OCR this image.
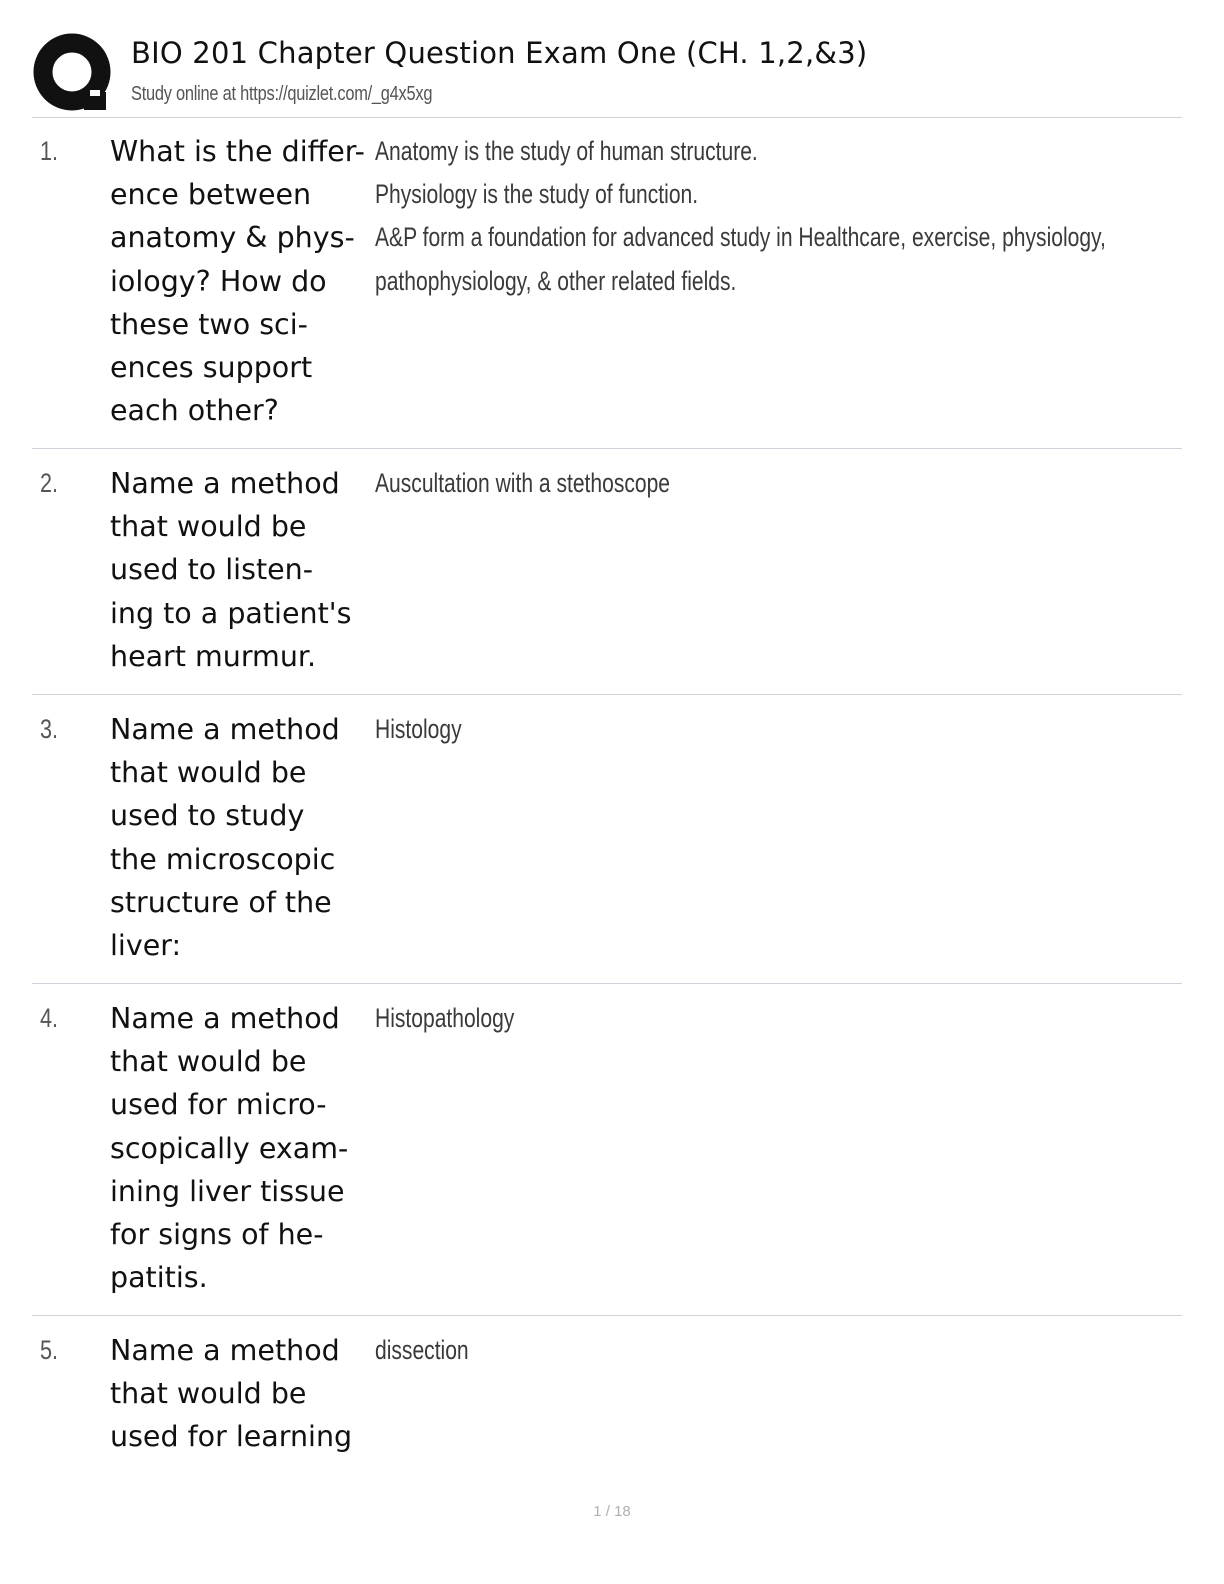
BIO 201 Chapter Question Exam One (CH. 1,2,&3)
Study online at https://quizlet.com/_g4x5xg
1. What is the differ-
ence between
anatomy & phys-
iology? How do
these two sci-
ences support
each other?
Anatomy is the study of human structure.
Physiology is the study of function.
A&P form a foundation for advanced study in Healthcare, exercise, physiology,
pathophysiology, & other related fields.
2. Name a method
that would be
used to listen-
ing to a patient's
heart murmur.
Auscultation with a stethoscope
3. Name a method
that would be
used to study
the microscopic
structure of the
liver:
Histology
4. Name a method
that would be
used for micro-
scopically exam-
ining liver tissue
for signs of he-
patitis.
Histopathology
5. Name a method
that would be
used for learning
dissection
1 / 18
